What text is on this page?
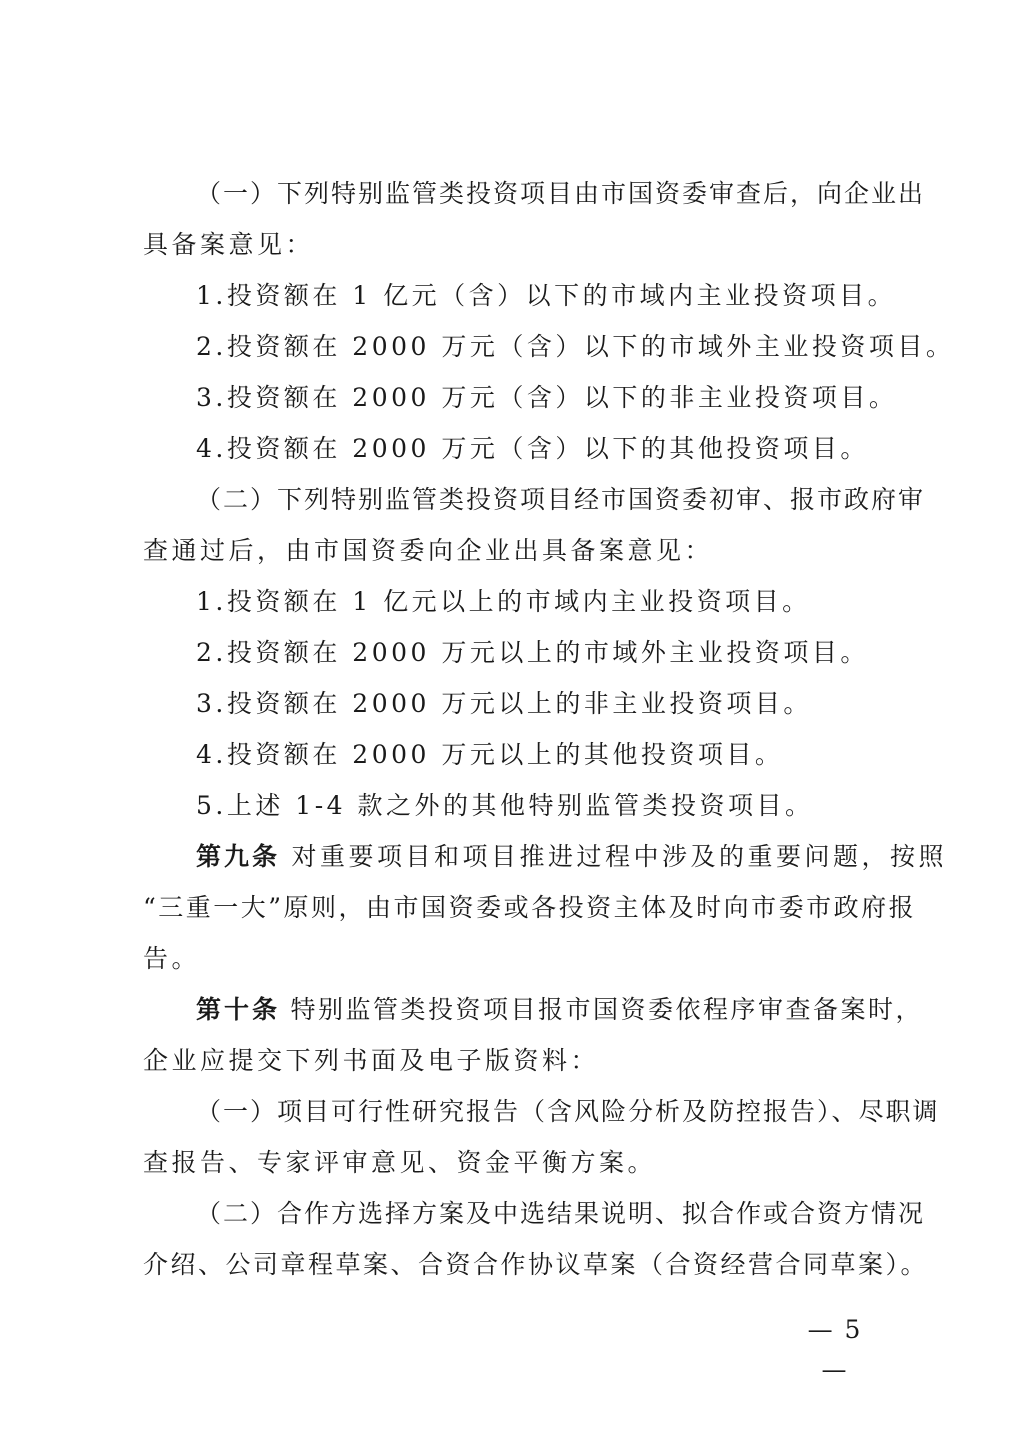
（一）下列特别监管类投资项目由市国资委审查后，向企业出
具备案意见：
1.投资额在 1 亿元（含）以下的市域内主业投资项目。
2.投资额在 2000 万元（含）以下的市域外主业投资项目。
3.投资额在 2000 万元（含）以下的非主业投资项目。
4.投资额在 2000 万元（含）以下的其他投资项目。
（二）下列特别监管类投资项目经市国资委初审、报市政府审
查通过后，由市国资委向企业出具备案意见：
1.投资额在 1 亿元以上的市域内主业投资项目。
2.投资额在 2000 万元以上的市域外主业投资项目。
3.投资额在 2000 万元以上的非主业投资项目。
4.投资额在 2000 万元以上的其他投资项目。
5.上述 1-4 款之外的其他特别监管类投资项目。
第九条 对重要项目和项目推进过程中涉及的重要问题，按照
“三重一大”原则，由市国资委或各投资主体及时向市委市政府报
告。
第十条 特别监管类投资项目报市国资委依程序审查备案时，
企业应提交下列书面及电子版资料：
（一）项目可行性研究报告（含风险分析及防控报告）、尽职调
查报告、专家评审意见、资金平衡方案。
（二）合作方选择方案及中选结果说明、拟合作或合资方情况
介绍、公司章程草案、合资合作协议草案（合资经营合同草案）。
— 5 —
